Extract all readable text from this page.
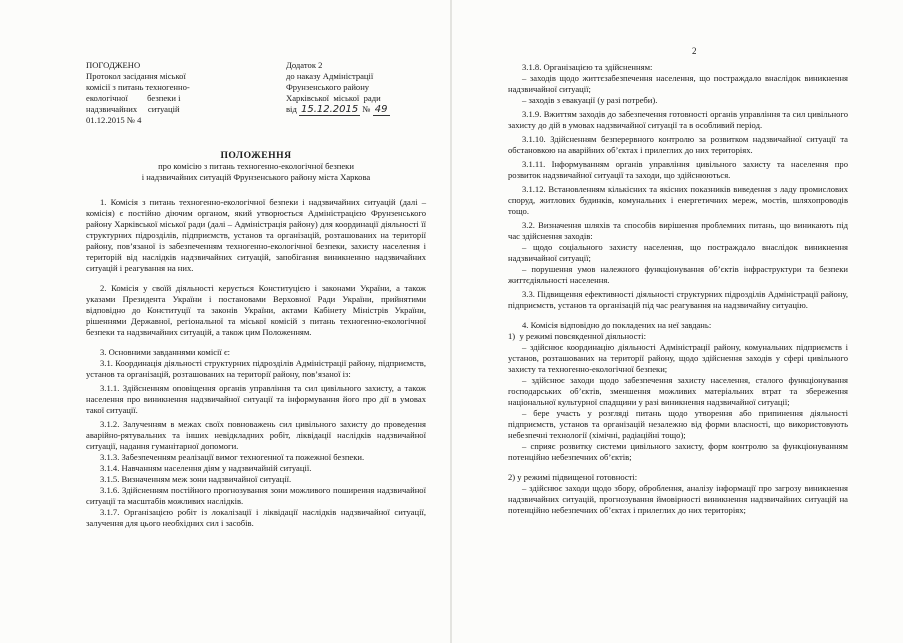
ПОГОДЖЕНО
Протокол засідання міської
комісії з питань техногенно-
екологічної         безпеки і
надзвичайних     ситуацій
01.12.2015 № 4
Додаток 2
до наказу Адміністрації
Фрунзенського району
Харківської  міської  ради
від 15.12.2015 № 49
ПОЛОЖЕННЯ
про комісію з питань техногенно-екологічної безпеки
і надзвичайних ситуацій Фрунзенського району міста Харкова
1. Комісія з питань техногенно-екологічної безпеки і надзвичайних ситуацій (далі – комісія) є постійно діючим органом, який утворюється Адміністрацією Фрунзенського району Харківської міської ради (далі – Адміністрація району) для координації діяльності її структурних підрозділів, підприємств, установ та організацій, розташованих на території району, пов’язаної із забезпеченням техногенно-екологічної безпеки, захисту населення і територій від наслідків надзвичайних ситуацій, запобігання виникненню надзвичайних ситуацій і реагування на них.
2. Комісія у своїй діяльності керується Конституцією і законами України, а також указами Президента України і постановами Верховної Ради України, прийнятими відповідно до Конституції та законів України, актами Кабінету Міністрів України, рішеннями Державної, регіональної та міської комісій з питань техногенно-екологічної безпеки та надзвичайних ситуацій, а також цим Положенням.
3. Основними завданнями комісії є:
3.1. Координація діяльності структурних підрозділів Адміністрації району, підприємств, установ та організацій, розташованих на території району, пов’язаної із:
3.1.1. Здійсненням оповіщення органів управління та сил цивільного захисту, а також населення про виникнення надзвичайної ситуації та інформування його про дії в умовах такої ситуації.
3.1.2. Залученням в межах своїх повноважень сил цивільного захисту до проведення аварійно-рятувальних та інших невідкладних робіт, ліквідації наслідків надзвичайної ситуації, надання гуманітарної допомоги.
3.1.3. Забезпеченням реалізації вимог техногенної та пожежної безпеки.
3.1.4. Навчанням населення діям у надзвичайній ситуації.
3.1.5. Визначенням меж зони надзвичайної ситуації.
3.1.6. Здійсненням постійного прогнозування зони можливого поширення надзвичайної ситуації та масштабів можливих наслідків.
3.1.7. Організацією робіт із локалізації і ліквідації наслідків надзвичайної ситуації, залучення для цього необхідних сил і засобів.
2
3.1.8. Організацією та здійсненням:
– заходів щодо життєзабезпечення населення, що постраждало внаслідок виникнення надзвичайної ситуації;
– заходів з евакуації (у разі потреби).
3.1.9. Вжиттям заходів до забезпечення готовності органів управління та сил цивільного захисту до дій в умовах надзвичайної ситуації та в особливий період.
3.1.10. Здійсненням безперервного контролю за розвитком надзвичайної ситуації та обстановкою на аварійних об’єктах і прилеглих до них територіях.
3.1.11. Інформуванням органів управління цивільного захисту та населення про розвиток надзвичайної ситуації та заходи, що здійснюються.
3.1.12. Встановленням кількісних та якісних показників виведення з ладу промислових споруд, житлових будинків, комунальних і енергетичних мереж, мостів, шляхопроводів тощо.
3.2. Визначення шляхів та способів вирішення проблемних питань, що виникають під час здійснення заходів:
– щодо соціального захисту населення, що постраждало внаслідок виникнення надзвичайної ситуації;
– порушення умов належного функціонування об’єктів інфраструктури та безпеки життєдіяльності населення.
3.3. Підвищення ефективності діяльності структурних підрозділів Адміністрації району, підприємств, установ та організацій під час реагування на надзвичайну ситуацію.
4. Комісія відповідно до покладених на неї завдань:
1)  у режимі повсякденної діяльності:
– здійснює координацію діяльності Адміністрації району, комунальних підприємств і установ, розташованих на території району, щодо здійснення заходів у сфері цивільного захисту та техногенно-екологічної безпеки;
– здійснює заходи щодо забезпечення захисту населення, сталого функціонування господарських об’єктів, зменшення можливих матеріальних втрат та збереження національної культурної спадщини у разі виникнення надзвичайної ситуації;
– бере участь у розгляді питань щодо утворення або припинення діяльності підприємств, установ та організацій незалежно від форми власності, що використовують небезпечні технології (хімічні, радіаційні тощо);
– сприяє розвитку системи цивільного захисту, форм контролю за функціонуванням потенційно небезпечних об’єктів;
2) у режимі підвищеної готовності:
– здійснює заходи щодо збору, оброблення, аналізу інформації про загрозу виникнення надзвичайних ситуацій, прогнозування ймовірності виникнення надзвичайних ситуацій на потенційно небезпечних об’єктах і прилеглих до них територіях;
